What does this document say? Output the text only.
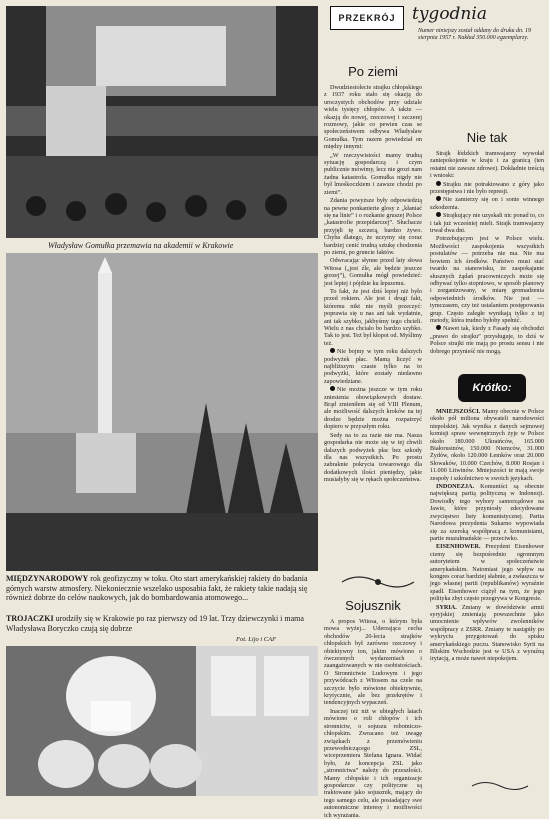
PRZEKRÓJ tygodnia
Numer niniejszy został oddany do druku dn. 19 sierpnia 1957 r. Nakład 350.000 egzemplarzy.
Władysław Gomułka przemawia na akademii w Krakowie
MIĘDZYNARODOWY rok geofizyczny w toku. Oto start amerykańskiej rakiety do badania górnych warstw atmosfery. Niekoniecznie wszelako usposabia fakt, że rakiety takie nadają się również dobrze do celów naukowych, jak do bombardowania atomowego...
TROJACZKI urodziły się w Krakowie po raz pierwszy od 19 lat. Trzy dziewczynki i mama Władysława Boryczko czują się dobrze
Fot. Lijo i CAF
Po ziemi

Dwudziestolecie strajku chłopskiego z 1937 roku stało się okazją do uroczystych obchodów przy udziale wielu tysięcy chłopów. A także — okazją do nowej, rzeczowej i szczerej rozmowy, jakie co pewien czas se społeczeństwem odbywa Władysław Gomułka. Tym razem powiedział on między innymi:

„W rzeczywistości mamy trudną sytuację gospodarczą i czym publicznie mówimy, lecz nie grozi nam żadna katastrofa. Gomułka nigdy nie był lmośkoczkiem i zawsze chodzi po ziemi”.

Zdania powyższe były odpowiedzią na pewne ponkanierie glosy z „kłaniać się na linie” i o rozkanie gruszej Polsce „katastrofie przepidarczej”. Słuchacze przyjęli tę szczerą, bardzo żywo. Chyba dlatego, że uczymy się coraz bardziej cenić trudną sztukę chodzenia po ziemi, po gruncie faktów.

Odwracając słynne przed laty słowa Witosa („jest źle, ale będzie jeszcze gorzej”), Gomułka mógł powiedzieć: jest lepiej i pójdzie ku lepszemu.

To fakt, że jest dziś lepiej niż było przed rokiem. Ale jest i drugi fakt, któremu nikt nie myśli przeczyć: poprawia się u nas ani tak wydatnie, ani tak szybko, jakbyśmy tego chcieli. Wielu z nas chciało bo bardzo szybko. Tak to jest. Też był kłopot od. Myślimy też.

Nie bojmy w tym roku dalszych podwyżek płac. Mamą liczyć w najbliższym czasie tylko na to podwyżki, które zostały niedawno zapowiedziane.

Nie można jeszcze w tym roku zniesienia obowiązkowych dostaw. Brąd zmieniłem się od VIII Plenum, ale możliwość dalszych kroków na tej drodze będzie można rozpatrzyć dopiero w przyszłym roku.

Sedy na to za razie nie ma. Nasza gospodarka nie może się w tej chwili dalszych podwyżek płac bez szkody dla nas wszystkich. Po prostu zabraknie pokrycia towarowego dla dodatkowych ilości pieniędzy, jakie musiałyby się w rękach społeczeństwa.

Sojusznik

A propos Witosa, o którym była mowa wyżej... Uderzająca cecha obchodów 20-lecia strajków chłopskich był zarówno rzeczowy i obiektywny ton, jakim mówiono o ówczesnych wydarzeniach i zaangażowanych w nie osobistościach. O Stronnictwie Ludowym i jego przywódcach z Witosem na czele na szczycie było mówione obiektywnie, krytycznie, ale bez przekrętów i tendencyjnych wypaczeń.

Inaczej też niż w ubiegłych latach mówiono o roli chłopów i ich stronnictw, o sojuszu robotniczo-chłopskim. Zwracano też uwagę związkach z przemówieniu przewodniczącego ZSL, wiceprzemiera Stefana Ignara. Widać było, że koncepcja ZSL jako „stronnictwa” należy do przeszłości. Mamy chłopskie i ich organizacje gospodarcze czy polityczne są traktowane jako sojusznik, mający do tego samego celu, ale posiadający swe autonomiczne interesy i możliwości ich wyrażania.

Nie tak

Strajk łódzkich tramwajarzy wywołał zaniepokojenie w kraju i za granicą (ten ostatni nie zawsze zdrowe). Dokładnie treścią i wnioski:

Strajku nie potraktowano z góry jako przestępstwa i nie było represji.

Nie zamierzy się on i sonie winnego szkodzenia.

Strajkujący nie uzyskali nic ponad to, co i tak już wcześniej mieli. Strajk tramwajarzy trwał dwa dni.

Potrzebującym jest w Polsce wielu. Możliwości zaspokojenia wszystkich postulatów — potrzeba nie ma. Nie ma bowiem ich środków. Państwo musi stać twardo na stanowisku, że zaspokajanie słusznych żądań pracowniczych może się odbywać tylko stopniowo, w sposób planowy i zorganizowany, w miarę gromadzenia odpowiednich środków. Nie jest — tymczasem, czy też ustalaniem postępowania grup. Często zaległe wynikają tylko z tej metody, która trudno byłoby spełnić.

Nawet tak, kiedy z Fasady się obchodzi „prawo do strajku” przysługuje, to dziś w Polsce strajki nie mają po prostu sensu i nie dobrego przynieść nie mogą.

Krótko:

MNIEJSZOŚCI. Mamy obecnie w Polsce około pół miliona obywateli narodowości niepolskiej. Jak wynika z danych sejmowej komisji spraw wewnętrznych żyje w Polsce około 180.000 Ukraińców, 165.000 Białorusinów, 150.000 Niemców, 31.000 Żydów, około 120.000 Łemków oraz 20.000 Słowaków, 10.000 Czechów, 8.000 Rosjan i 11.000 Litwinów. Mniejszości te mają swoje zespoły i szkolnictwo w swoich językach.

INDONEZJA. Komuniści są obecnie największą partią polityczną w Indonezji. Dowiodły tego wybory samorządowe na Jawie, które przyniosły zdecydowane zwycięstwo listy komunistycznej. Partia Narodowa prezydenta Sukarno wypowiada się za szeroką współpracą z komunistami, partie muzułmańskie — przeciwko.

EISENHOWER. Prezydent Eisenhower ciemy się bezpośrednio ogromnym autorytetem w społeczeństwie amerykańskim. Natomiast jego wpływ na kongres coraz bardziej słabnie, a zwłaszcza w jego własnej partii (republikanów) wyraźnie spadł. Eisenhower ciążył na tym, że jego polityka zbyt często przegrywa w Kongresie.

SYRIA. Zmiany w dowództwie armii syryjskiej zmieniają powszechnie jako umocnienie wpływów zwolenników współpracy z ZSRR. Zmiany te nastąpiły po wykryciu przygotowań do spisku amerykańskiego puczu. Stanowisko Syrii na Bliskim Wschodzie jest w USA z wyraźną irytacją, a może nawet niepokojem.
